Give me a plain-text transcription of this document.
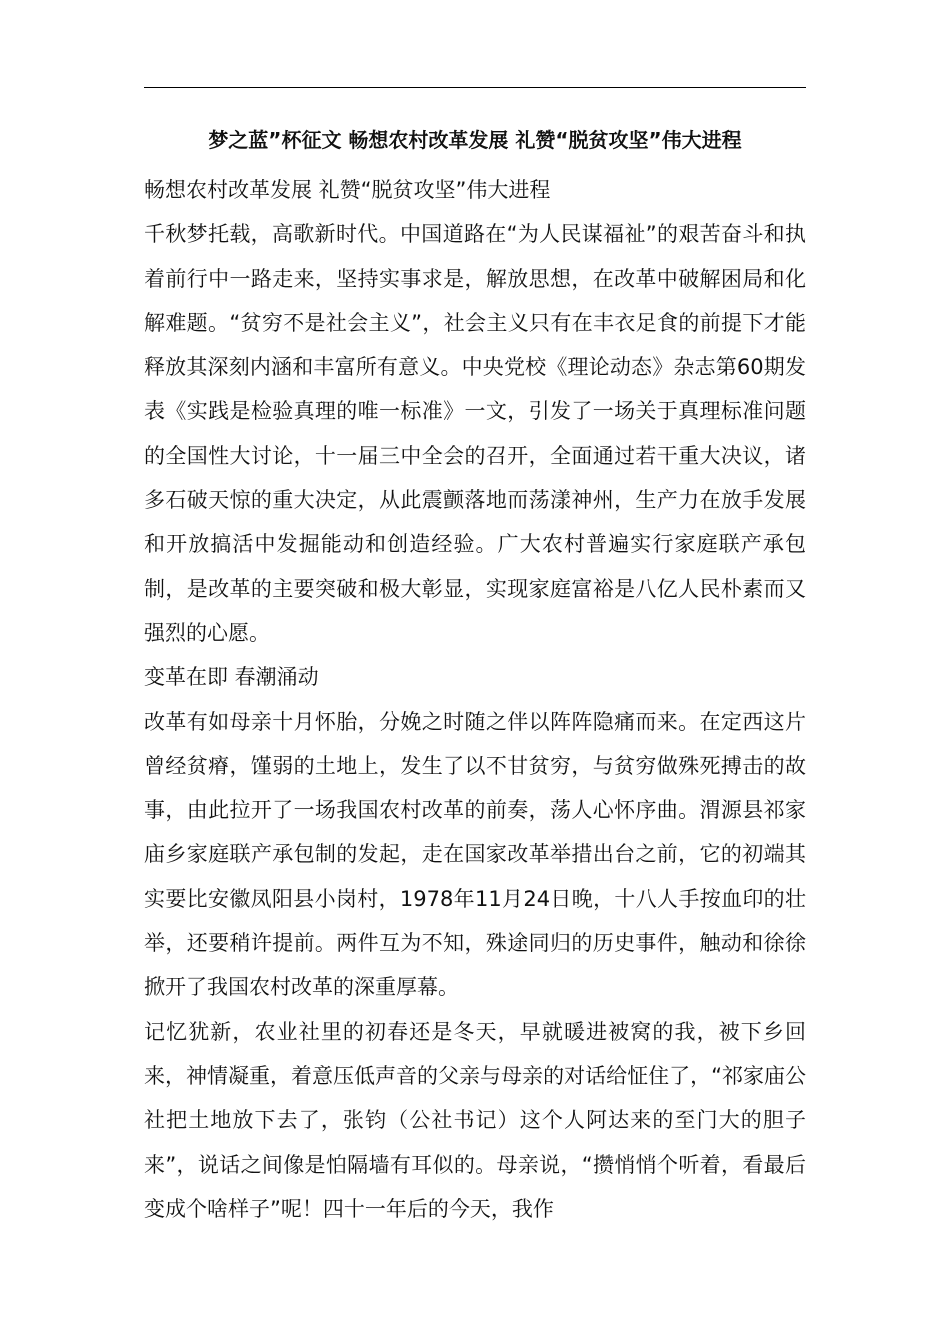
梦之蓝”杯征文 畅想农村改革发展 礼赞“脱贫攻坚”伟大进程

畅想农村改革发展 礼赞“脱贫攻坚”伟大进程

千秋梦托载，高歌新时代。中国道路在“为人民谋福祉”的艰苦奋斗和执着前行中一路走来，坚持实事求是，解放思想，在改革中破解困局和化解难题。“贫穷不是社会主义”，社会主义只有在丰衣足食的前提下才能释放其深刻内涵和丰富所有意义。中央党校《理论动态》杂志第60期发表《实践是检验真理的唯一标准》一文，引发了一场关于真理标准问题的全国性大讨论，十一届三中全会的召开，全面通过若干重大决议，诸多石破天惊的重大决定，从此震颤落地而荡漾神州，生产力在放手发展和开放搞活中发掘能动和创造经验。广大农村普遍实行家庭联产承包制，是改革的主要突破和极大彰显，实现家庭富裕是八亿人民朴素而又强烈的心愿。

变革在即 春潮涌动

改革有如母亲十月怀胎，分娩之时随之伴以阵阵隐痛而来。在定西这片曾经贫瘠，馑弱的土地上，发生了以不甘贫穷，与贫穷做殊死搏击的故事，由此拉开了一场我国农村改革的前奏，荡人心怀序曲。渭源县祁家庙乡家庭联产承包制的发起，走在国家改革举措出台之前，它的初端其实要比安徽凤阳县小岗村，1978年11月24日晚，十八人手按血印的壮举，还要稍许提前。两件互为不知，殊途同归的历史事件，触动和徐徐掀开了我国农村改革的深重厚幕。

记忆犹新，农业社里的初春还是冬天，早就暖进被窝的我，被下乡回来，神情凝重，着意压低声音的父亲与母亲的对话给怔住了，“祁家庙公社把土地放下去了，张钧（公社书记）这个人阿达来的至门大的胆子来”，说话之间像是怕隔墙有耳似的。母亲说，“攒悄悄个听着，看最后变成个啥样子”呢！四十一年后的今天，我作
